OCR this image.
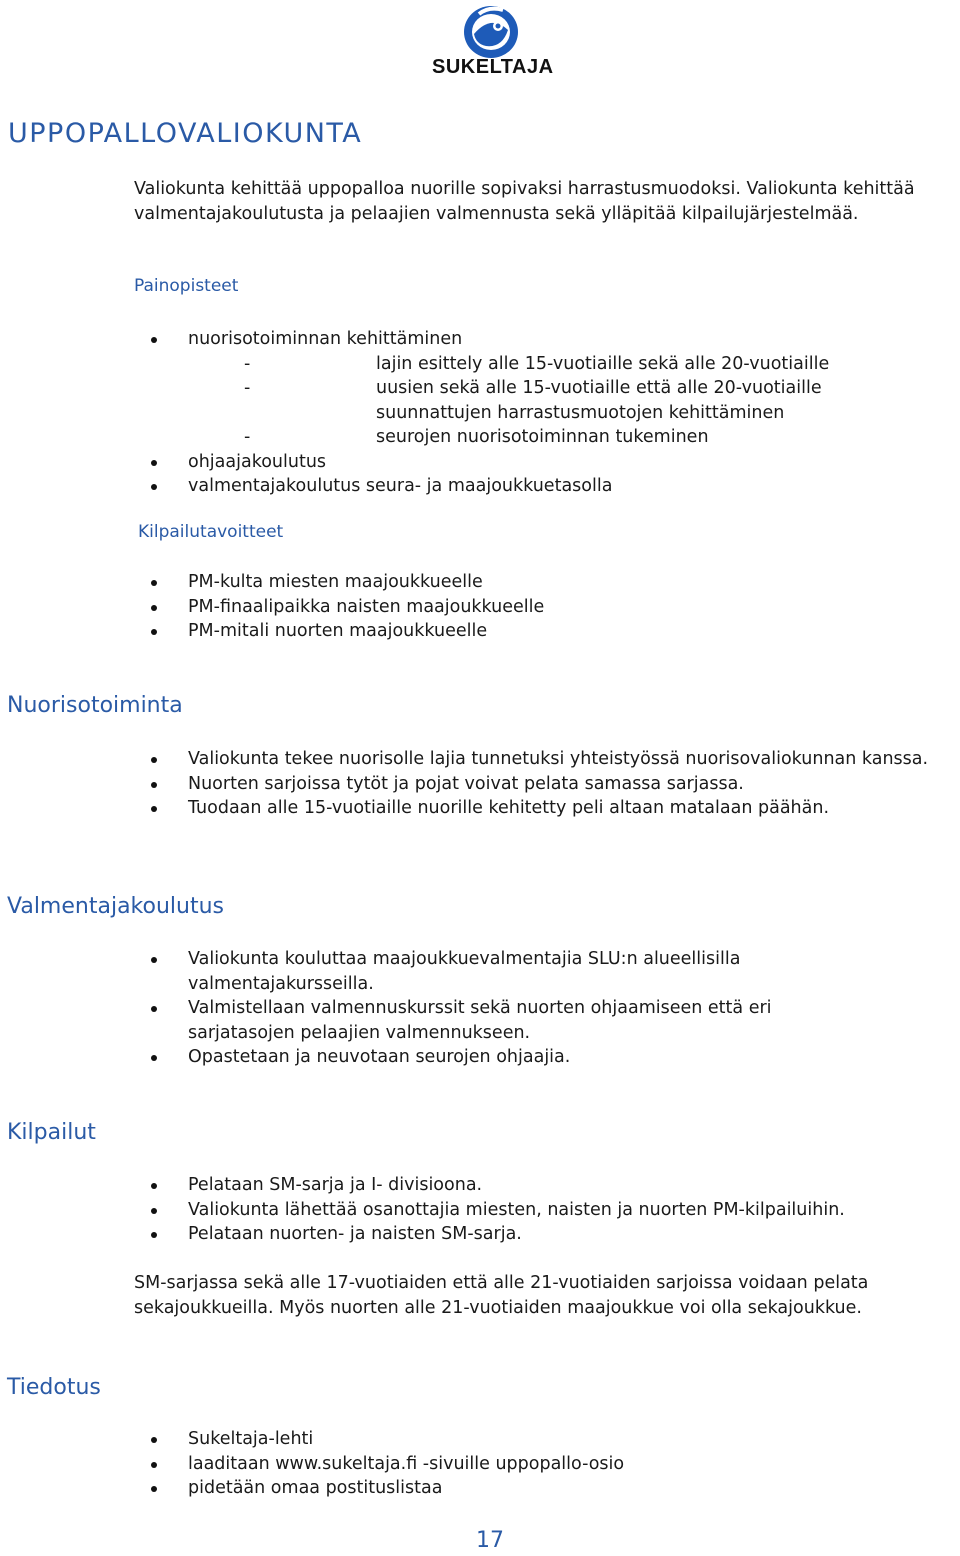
SUKELTAJA
UPPOPALLOVALIOKUNTA
Valiokunta kehittää uppopalloa nuorille sopivaksi harrastusmuodoksi. Valiokunta kehittää valmentajakoulutusta ja pelaajien valmennusta sekä ylläpitää kilpailujärjestelmää.
Painopisteet
nuorisotoiminnan kehittäminen
- lajin esittely alle 15-vuotiaille sekä alle 20-vuotiaille
- uusien sekä alle 15-vuotiaille että alle 20-vuotiaille suunnattujen harrastusmuotojen kehittäminen
- seurojen nuorisotoiminnan tukeminen
ohjaajakoulutus
valmentajakoulutus seura- ja maajoukkuetasolla
Kilpailutavoitteet
PM-kulta miesten maajoukkueelle
PM-finaalipaikka naisten maajoukkueelle
PM-mitali nuorten maajoukkueelle
Nuorisotoiminta
Valiokunta tekee nuorisolle lajia tunnetuksi yhteistyössä nuorisovaliokunnan kanssa.
Nuorten sarjoissa tytöt ja pojat voivat pelata samassa sarjassa.
Tuodaan alle 15-vuotiaille nuorille kehitetty peli altaan matalaan päähän.
Valmentajakoulutus
Valiokunta kouluttaa maajoukkuevalmentajia SLU:n alueellisilla valmentajakursseilla.
Valmistellaan valmennuskurssit sekä nuorten ohjaamiseen että eri sarjatasojen pelaajien valmennukseen.
Opastetaan ja neuvotaan seurojen ohjaajia.
Kilpailut
Pelataan SM-sarja ja I- divisioona.
Valiokunta lähettää osanottajia miesten, naisten ja nuorten PM-kilpailuihin.
Pelataan nuorten- ja naisten SM-sarja.
SM-sarjassa sekä alle 17-vuotiaiden että alle 21-vuotiaiden sarjoissa voidaan pelata sekajoukkueilla. Myös nuorten alle 21-vuotiaiden maajoukkue voi olla sekajoukkue.
Tiedotus
Sukeltaja-lehti
laaditaan www.sukeltaja.fi -sivuille uppopallo-osio
pidetään omaa postituslistaa
17
